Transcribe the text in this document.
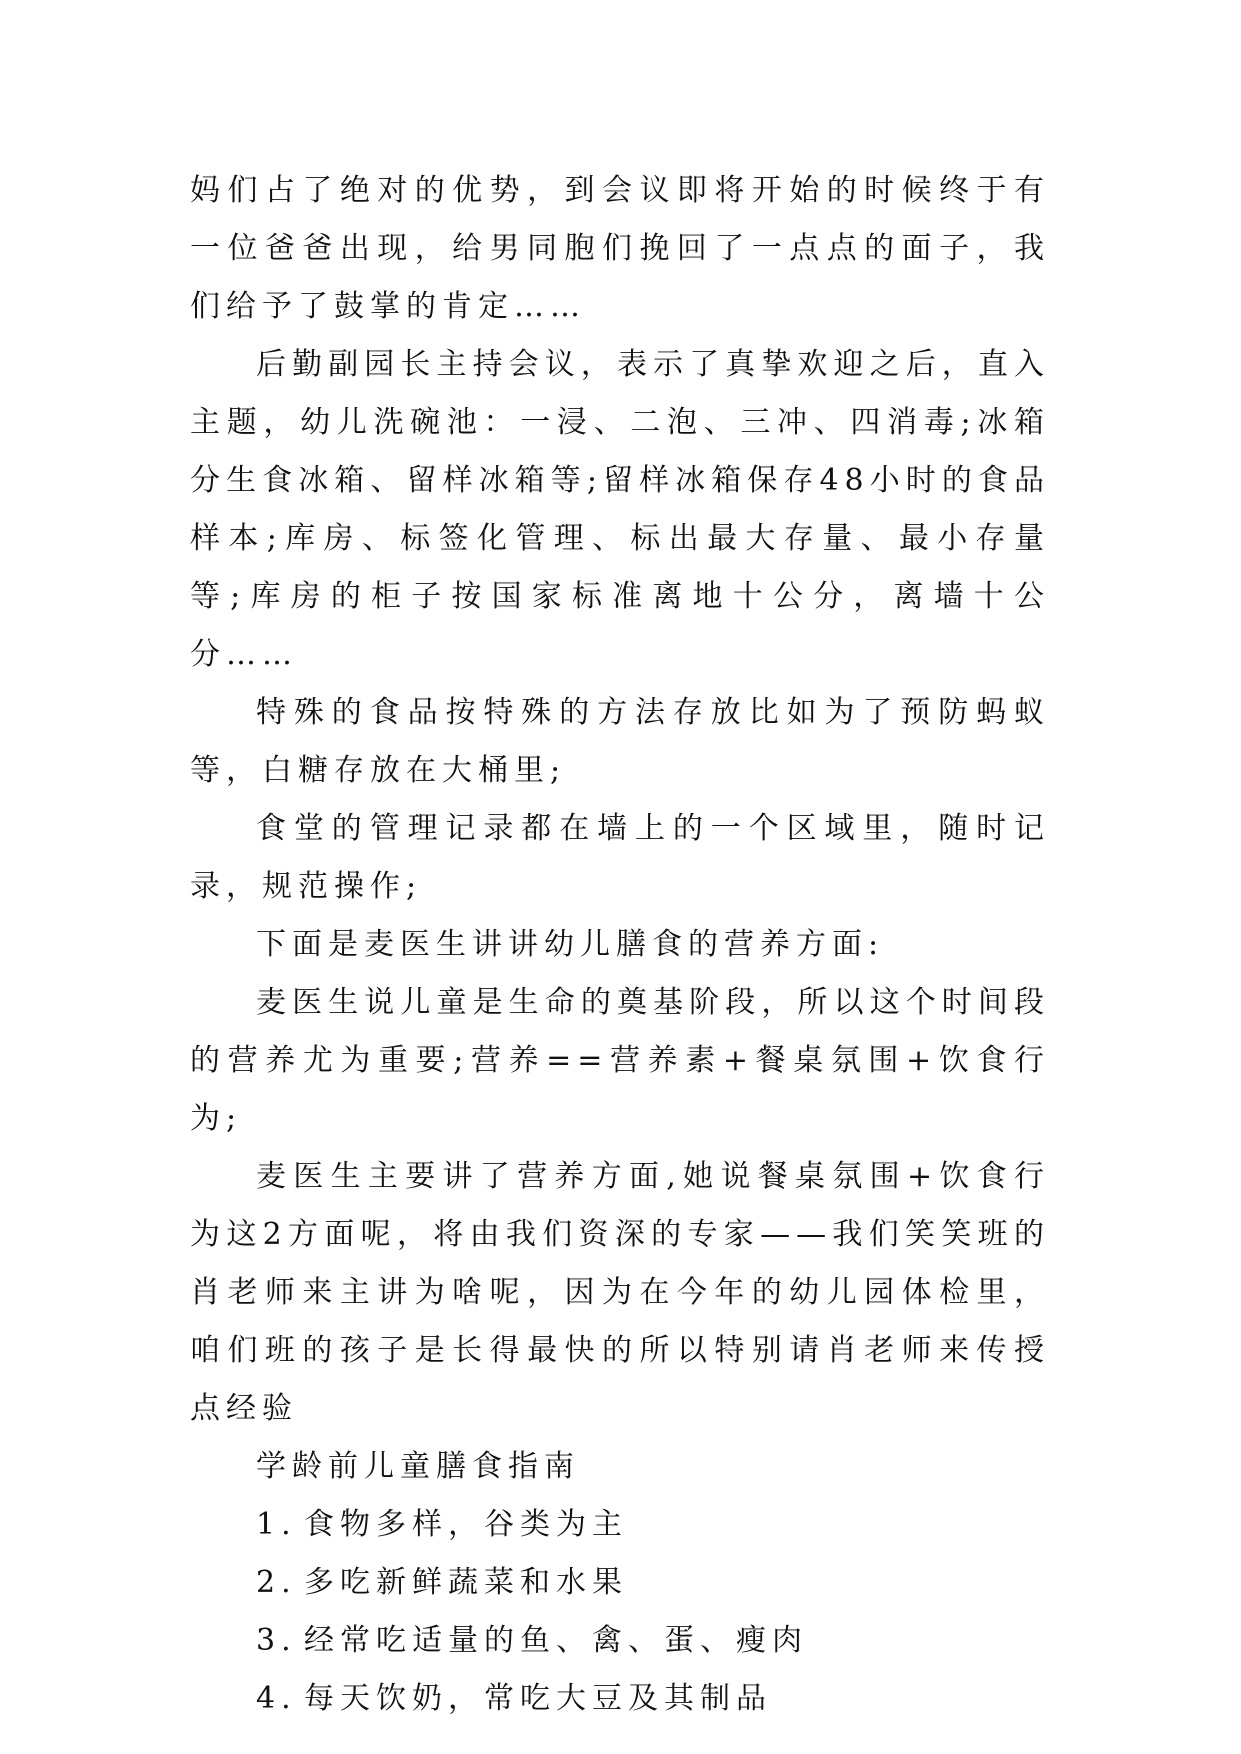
妈们占了绝对的优势，到会议即将开始的时候终于有一位爸爸出现，给男同胞们挽回了一点点的面子，我们给予了鼓掌的肯定……

后勤副园长主持会议，表示了真挚欢迎之后，直入主题，幼儿洗碗池：一浸、二泡、三冲、四消毒;冰箱分生食冰箱、留样冰箱等;留样冰箱保存48小时的食品样本;库房、标签化管理、标出最大存量、最小存量等;库房的柜子按国家标准离地十公分，离墙十公分……

特殊的食品按特殊的方法存放比如为了预防蚂蚁等，白糖存放在大桶里;

食堂的管理记录都在墙上的一个区域里，随时记录，规范操作;

下面是麦医生讲讲幼儿膳食的营养方面:

麦医生说儿童是生命的奠基阶段，所以这个时间段的营养尤为重要;营养==营养素+餐桌氛围+饮食行为;

麦医生主要讲了营养方面,她说餐桌氛围+饮食行为这2方面呢，将由我们资深的专家——我们笑笑班的肖老师来主讲为啥呢，因为在今年的幼儿园体检里，咱们班的孩子是长得最快的所以特别请肖老师来传授点经验

学龄前儿童膳食指南

1. 食物多样，谷类为主

2. 多吃新鲜蔬菜和水果

3. 经常吃适量的鱼、禽、蛋、瘦肉

4. 每天饮奶，常吃大豆及其制品
